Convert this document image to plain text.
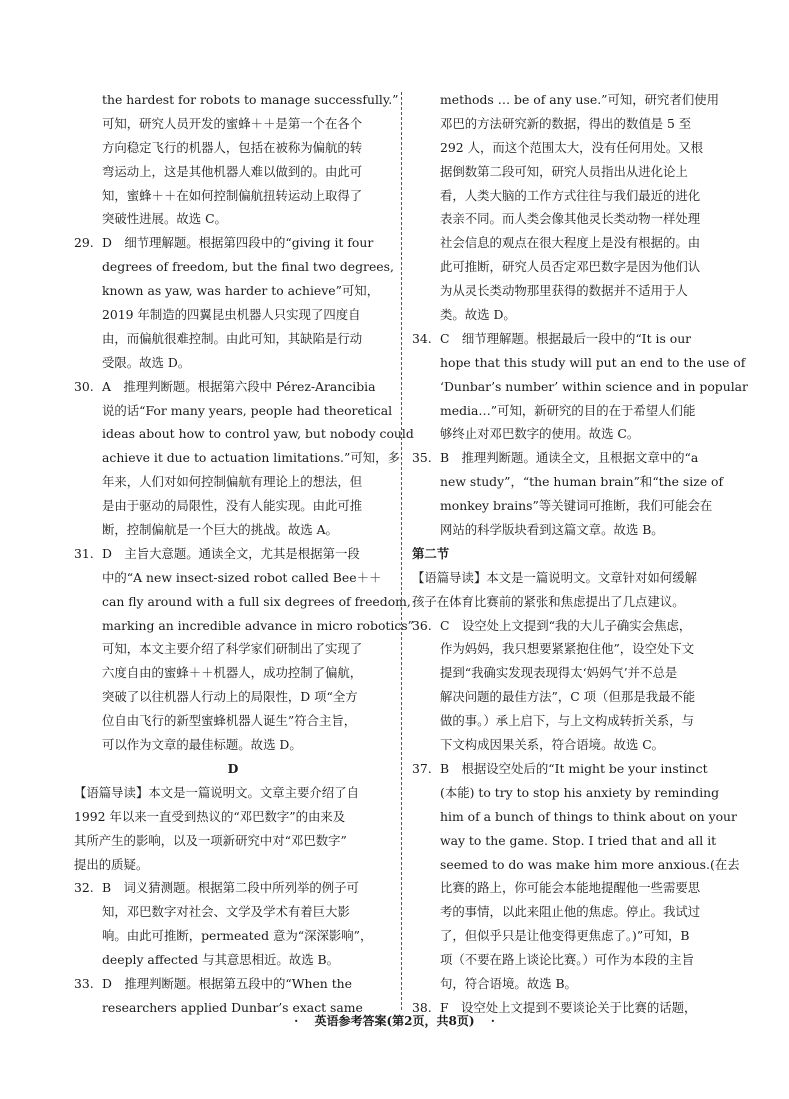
the hardest for robots to manage successfully.”
可知，研究人员开发的蜜蜂＋＋是第一个在各个
方向稳定飞行的机器人，包括在被称为偏航的转
弯运动上，这是其他机器人难以做到的。由此可
知，蜜蜂＋＋在如何控制偏航扭转运动上取得了
突破性进展。故选 C。
29. D　细节理解题。根据第四段中的“giving it four
degrees of freedom, but the final two degrees,
known as yaw, was harder to achieve”可知，
2019 年制造的四翼昆虫机器人只实现了四度自
由，而偏航很难控制。由此可知，其缺陷是行动
受限。故选 D。
30. A　推理判断题。根据第六段中 Pérez-Arancibia
说的话“For many years, people had theoretical
ideas about how to control yaw, but nobody could
achieve it due to actuation limitations.”可知，多
年来，人们对如何控制偏航有理论上的想法，但
是由于驱动的局限性，没有人能实现。由此可推
断，控制偏航是一个巨大的挑战。故选 A。
31. D　主旨大意题。通读全文，尤其是根据第一段
中的“A new insect-sized robot called Bee＋＋
can fly around with a full six degrees of freedom,
marking an incredible advance in micro robotics”
可知，本文主要介绍了科学家们研制出了实现了
六度自由的蜜蜂＋＋机器人，成功控制了偏航，
突破了以往机器人行动上的局限性，D 项“全方
位自由飞行的新型蜜蜂机器人诞生”符合主旨，
可以作为文章的最佳标题。故选 D。
D
【语篇导读】本文是一篇说明文。文章主要介绍了自
1992 年以来一直受到热议的“邓巴数字”的由来及
其所产生的影响，以及一项新研究中对“邓巴数字”
提出的质疑。
32. B　词义猜测题。根据第二段中所列举的例子可
知，邓巴数字对社会、文学及学术有着巨大影
响。由此可推断，permeated 意为“深深影响”，
deeply affected 与其意思相近。故选 B。
33. D　推理判断题。根据第五段中的“When the
researchers applied Dunbar’s exact same
methods … be of any use.”可知，研究者们使用
邓巴的方法研究新的数据，得出的数值是 5 至
292 人，而这个范围太大，没有任何用处。又根
据倒数第二段可知，研究人员指出从进化论上
看，人类大脑的工作方式往往与我们最近的进化
表亲不同。而人类会像其他灵长类动物一样处理
社会信息的观点在很大程度上是没有根据的。由
此可推断，研究人员否定邓巴数字是因为他们认
为从灵长类动物那里获得的数据并不适用于人
类。故选 D。
34. C　细节理解题。根据最后一段中的“It is our
hope that this study will put an end to the use of
‘Dunbar’s number’ within science and in popular
media…”可知，新研究的目的在于希望人们能
够终止对邓巴数字的使用。故选 C。
35. B　推理判断题。通读全文，且根据文章中的“a
new study”，“the human brain”和“the size of
monkey brains”等关键词可推断，我们可能会在
网站的科学版块看到这篇文章。故选 B。
第二节
【语篇导读】本文是一篇说明文。文章针对如何缓解
孩子在体育比赛前的紧张和焦虑提出了几点建议。
36. C　设空处上文提到“我的大儿子确实会焦虑，
作为妈妈，我只想要紧紧抱住他”，设空处下文
提到“我确实发现表现得太‘妈妈气’并不总是
解决问题的最佳方法”，C 项（但那是我最不能
做的事。）承上启下，与上文构成转折关系，与
下文构成因果关系，符合语境。故选 C。
37. B　根据设空处后的“It might be your instinct
(本能) to try to stop his anxiety by reminding
him of a bunch of things to think about on your
way to the game. Stop. I tried that and all it
seemed to do was make him more anxious.(在去
比赛的路上，你可能会本能地提醒他一些需要思
考的事情，以此来阻止他的焦虑。停止。我试过
了，但似乎只是让他变得更焦虑了。)”可知，B
项（不要在路上谈论比赛。）可作为本段的主旨
句，符合语境。故选 B。
38. F　设空处上文提到不要谈论关于比赛的话题，
· 英语参考答案(第2页，共8页) ·
